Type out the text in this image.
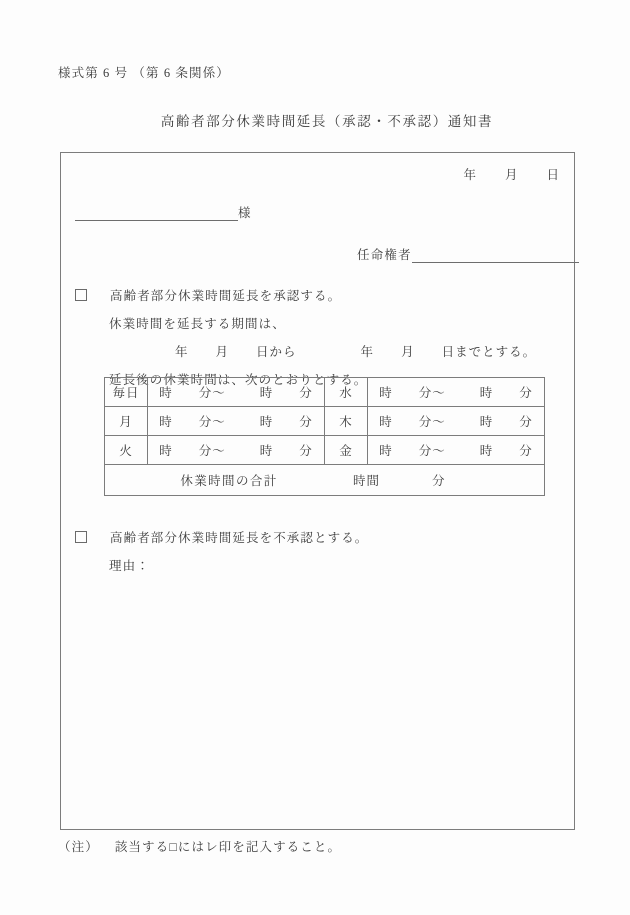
様式第 6 号 （第 6 条関係）
高齢者部分休業時間延長（承認・不承認）通知書
年 月 日
様
任命権者
高齢者部分休業時間延長を承認する。
休業時間を延長する期間は、
年 月 日から	年 月 日までとする。
延長後の休業時間は、次のとおりとする。
毎日	時 分～ 時 分	水	時 分～ 時 分
月	時 分～ 時 分	木	時 分～ 時 分
火	時 分～ 時 分	金	時 分～ 時 分

休業時間の合計 時間 分			
高齢者部分休業時間延長を不承認とする。
理由：
（注） 該当する□にはレ印を記入すること。
